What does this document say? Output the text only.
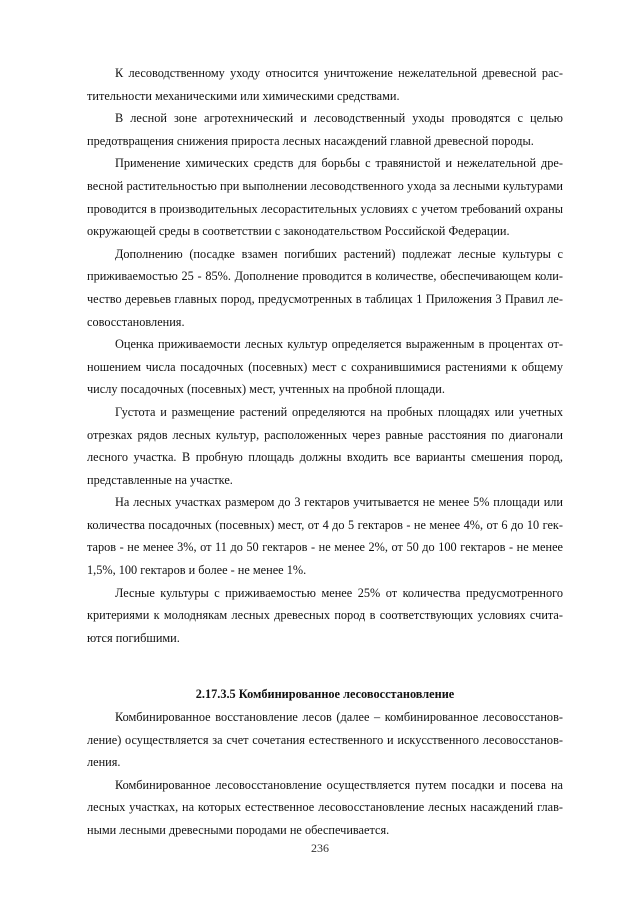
К лесоводственному уходу относится уничтожение нежелательной древесной растительности механическими или химическими средствами.

В лесной зоне агротехнический и лесоводственный уходы проводятся с целью предотвращения снижения прироста лесных насаждений главной древесной породы.

Применение химических средств для борьбы с травянистой и нежелательной древесной растительностью при выполнении лесоводственного ухода за лесными культурами проводится в производительных лесорастительных условиях с учетом требований охраны окружающей среды в соответствии с законодательством Российской Федерации.

Дополнению (посадке взамен погибших растений) подлежат лесные культуры с приживаемостью 25 - 85%. Дополнение проводится в количестве, обеспечивающем количество деревьев главных пород, предусмотренных в таблицах 1 Приложения 3 Правил лесовосстановления.

Оценка приживаемости лесных культур определяется выраженным в процентах отношением числа посадочных (посевных) мест с сохранившимися растениями к общему числу посадочных (посевных) мест, учтенных на пробной площади.

Густота и размещение растений определяются на пробных площадях или учетных отрезках рядов лесных культур, расположенных через равные расстояния по диагонали лесного участка. В пробную площадь должны входить все варианты смешения пород, представленные на участке.

На лесных участках размером до 3 гектаров учитывается не менее 5% площади или количества посадочных (посевных) мест, от 4 до 5 гектаров - не менее 4%, от 6 до 10 гектаров - не менее 3%, от 11 до 50 гектаров - не менее 2%, от 50 до 100 гектаров - не менее 1,5%, 100 гектаров и более - не менее 1%.

Лесные культуры с приживаемостью менее 25% от количества предусмотренного критериями к молоднякам лесных древесных пород в соответствующих условиях считаются погибшими.

2.17.3.5 Комбинированное лесовосстановление

Комбинированное восстановление лесов (далее – комбинированное лесовосстановление) осуществляется за счет сочетания естественного и искусственного лесовосстановления.

Комбинированное лесовосстановление осуществляется путем посадки и посева на лесных участках, на которых естественное лесовосстановление лесных насаждений главными лесными древесными породами не обеспечивается.

236
